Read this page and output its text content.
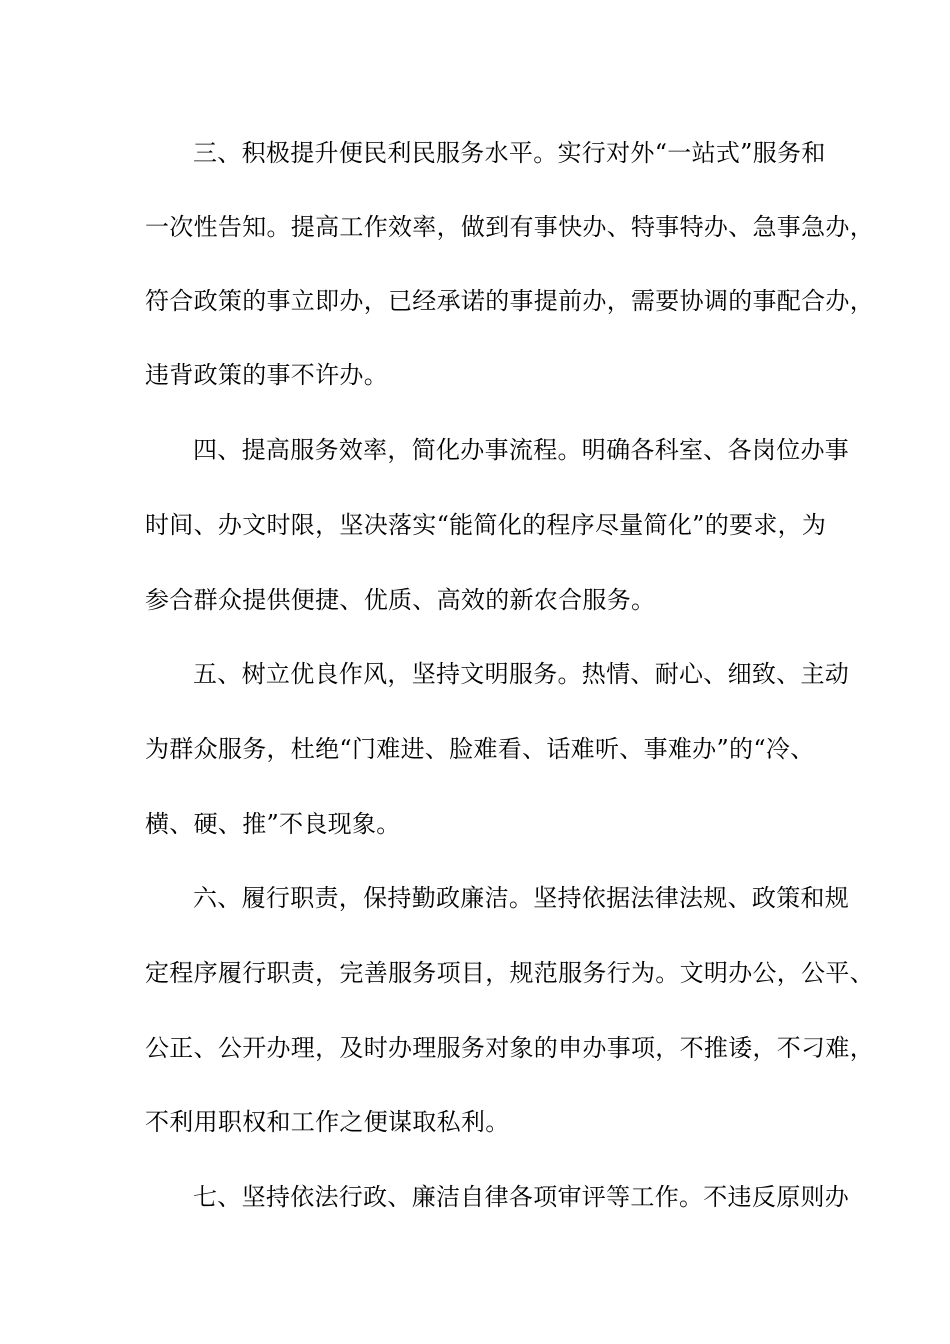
三、积极提升便民利民服务水平。实行对外“一站式”服务和
一次性告知。提高工作效率，做到有事快办、特事特办、急事急办，
符合政策的事立即办，已经承诺的事提前办，需要协调的事配合办，
违背政策的事不许办。
四、提高服务效率，简化办事流程。明确各科室、各岗位办事
时间、办文时限，坚决落实“能简化的程序尽量简化”的要求，为
参合群众提供便捷、优质、高效的新农合服务。
五、树立优良作风，坚持文明服务。热情、耐心、细致、主动
为群众服务，杜绝“门难进、脸难看、话难听、事难办”的“冷、
横、硬、推”不良现象。
六、履行职责，保持勤政廉洁。坚持依据法律法规、政策和规
定程序履行职责，完善服务项目，规范服务行为。文明办公，公平、
公正、公开办理，及时办理服务对象的申办事项，不推诿，不刁难，
不利用职权和工作之便谋取私利。
七、坚持依法行政、廉洁自律各项审评等工作。不违反原则办
